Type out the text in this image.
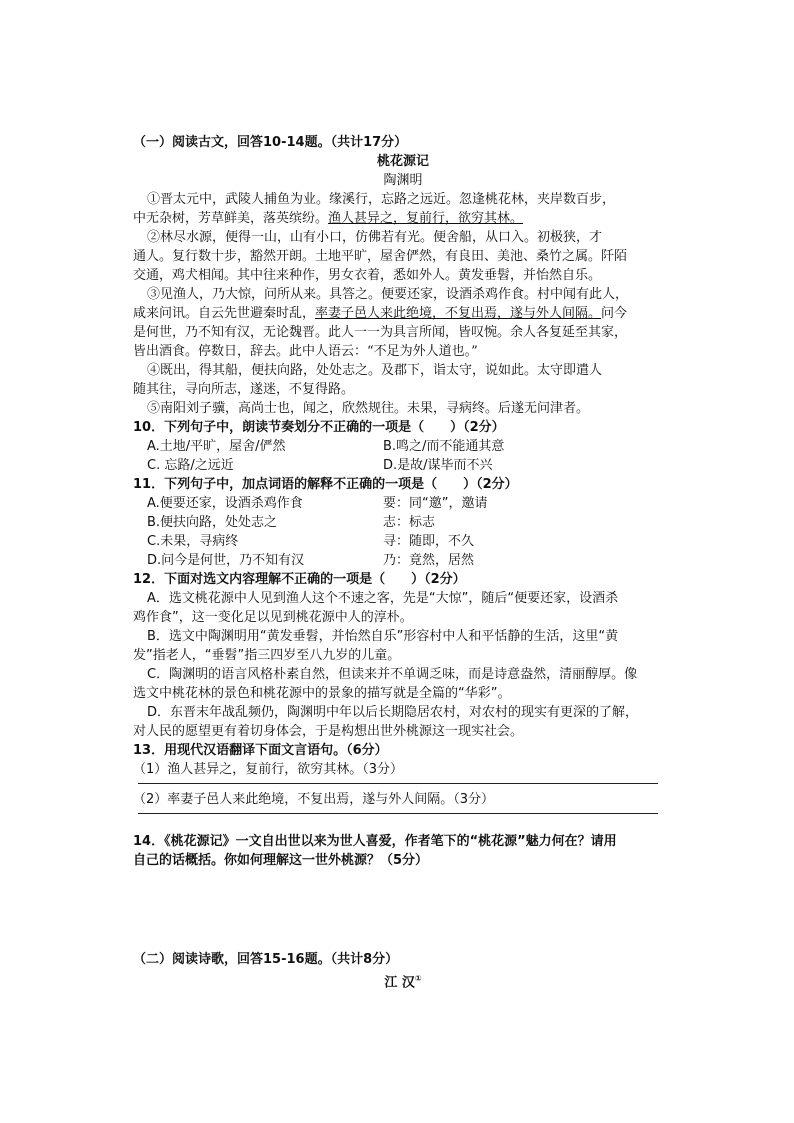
（一）阅读古文，回答10-14题。（共计17分）
桃花源记
陶渊明
①晋太元中，武陵人捕鱼为业。缘溪行，忘路之远近。忽逢桃花林，夹岸数百步，
中无杂树，芳草鲜美，落英缤纷。渔人甚异之，复前行，欲穷其林。
②林尽水源，便得一山，山有小口，仿佛若有光。便舍船，从口入。初极狭，才
通人。复行数十步，豁然开朗。土地平旷，屋舍俨然，有良田、美池、桑竹之属。阡陌
交通，鸡犬相闻。其中往来种作，男女衣着，悉如外人。黄发垂髫，并怡然自乐。
③见渔人，乃大惊，问所从来。具答之。便要还家，设酒杀鸡作食。村中闻有此人，
咸来问讯。自云先世避秦时乱，率妻子邑人来此绝境，不复出焉，遂与外人间隔。问今
是何世，乃不知有汉，无论魏晋。此人一一为具言所闻，皆叹惋。余人各复延至其家，
皆出酒食。停数日，辞去。此中人语云：“不足为外人道也。”
④既出，得其船，便扶向路，处处志之。及郡下，诣太守，说如此。太守即遣人
随其往，寻向所志，遂迷，不复得路。
⑤南阳刘子骥，高尚士也，闻之，欣然规往。未果，寻病终。后遂无问津者。
10．下列句子中，朗读节奏划分不正确的一项是（　　）（2分）
A.土地/平旷，屋舍/俨然	B.鸣之/而不能通其意
C. 忘路/之远近	D.是故/谋毕而不兴
11．下列句子中，加点词语的解释不正确的一项是（　　）（2分）
A.便要还家，设酒杀鸡作食	要：同“邀”，邀请
B.便扶向路，处处志之	志：标志
C.未果，寻病终	寻：随即，不久
D.问今是何世，乃不知有汉	乃：竟然，居然
12．下面对选文内容理解不正确的一项是（　　）（2分）
A．选文桃花源中人见到渔人这个不速之客，先是“大惊”，随后“便要还家，设酒杀
鸡作食”，这一变化足以见到桃花源中人的淳朴。
B．选文中陶渊明用“黄发垂髫，并怡然自乐”形容村中人和平恬静的生活，这里“黄
发”指老人，“垂髫”指三四岁至八九岁的儿童。
C．陶渊明的语言风格朴素自然，但读来并不单调乏味，而是诗意盎然，清丽醇厚。像
选文中桃花林的景色和桃花源中的景象的描写就是全篇的“华彩”。
D．东晋末年战乱频仍，陶渊明中年以后长期隐居农村，对农村的现实有更深的了解，
对人民的愿望更有着切身体会，于是构想出世外桃源这一现实社会。
13．用现代汉语翻译下面文言语句。（6分）
（1）渔人甚异之，复前行，欲穷其林。（3分）
（2）率妻子邑人来此绝境，不复出焉，遂与外人间隔。（3分）
14．《桃花源记》一文自出世以来为世人喜爱，作者笔下的“桃花源”魅力何在？请用
自己的话概括。你如何理解这一世外桃源？（5分）
（二）阅读诗歌，回答15-16题。（共计8分）
江 汉①
